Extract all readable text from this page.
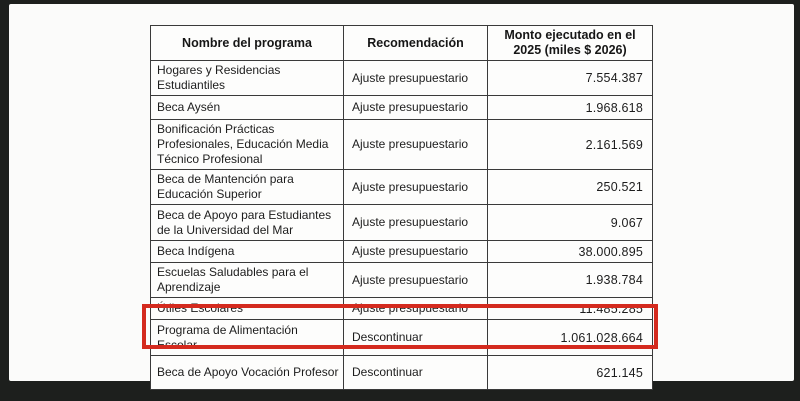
Nombre del programa	Recomendación	Monto ejecutado en el 2025 (miles $ 2026)
Hogares y Residencias Estudiantiles	Ajuste presupuestario	7.554.387
Beca Aysén	Ajuste presupuestario	1.968.618
Bonificación Prácticas Profesionales, Educación Media Técnico Profesional	Ajuste presupuestario	2.161.569
Beca de Mantención para Educación Superior	Ajuste presupuestario	250.521
Beca de Apoyo para Estudiantes de la Universidad del Mar	Ajuste presupuestario	9.067
Beca Indígena	Ajuste presupuestario	38.000.895
Escuelas Saludables para el Aprendizaje	Ajuste presupuestario	1.938.784
Útiles Escolares	Ajuste presupuestario	11.485.285
Programa de Alimentación Escolar	Descontinuar	1.061.028.664
Beca de Apoyo Vocación Profesor	Descontinuar	621.145
